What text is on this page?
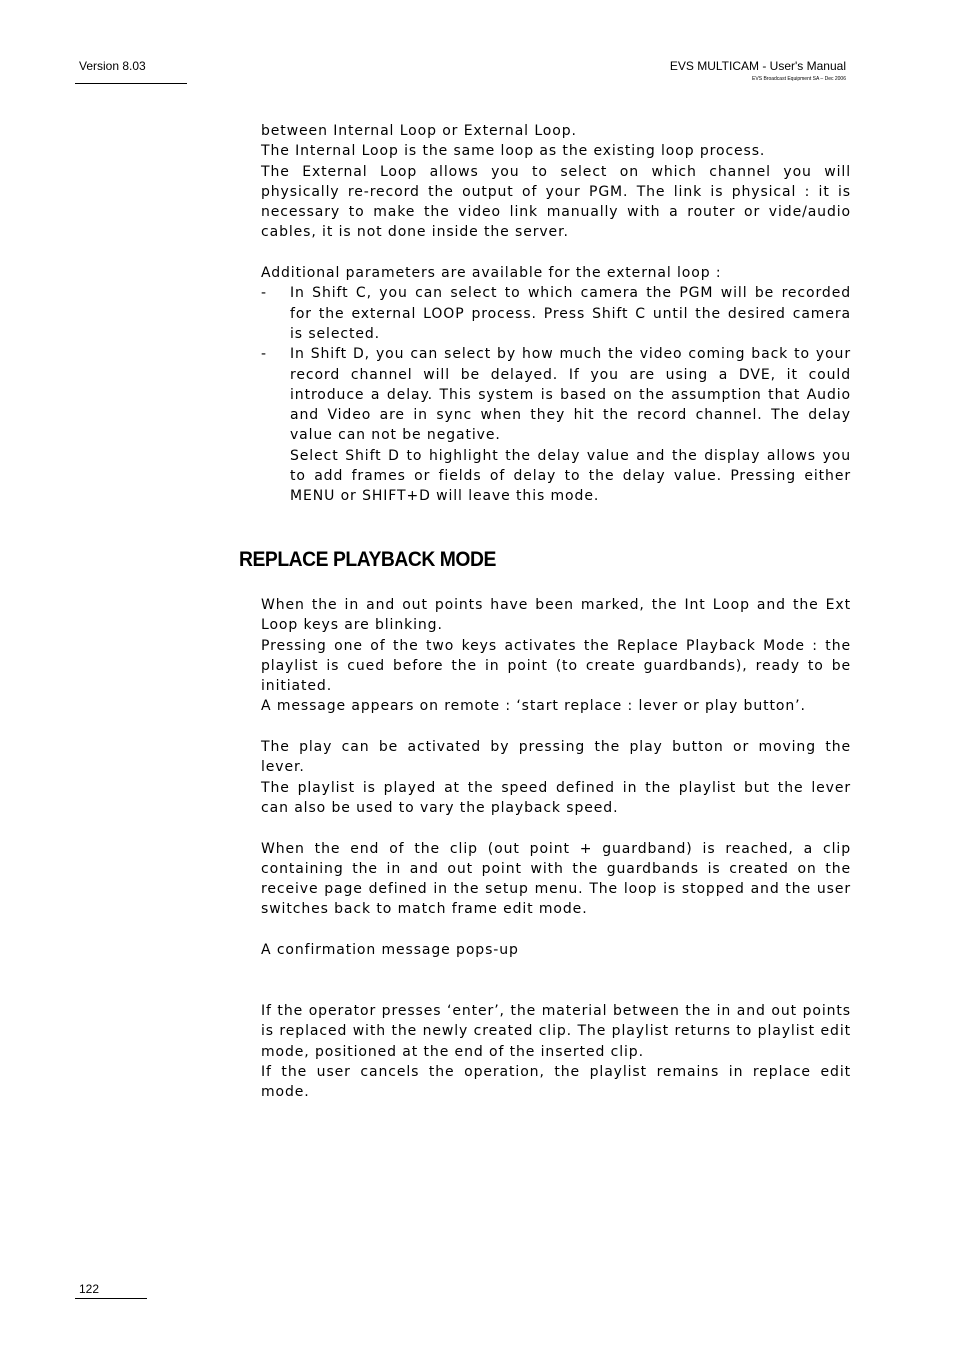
Version 8.03	EVS MULTICAM - User's Manual
EVS Broadcast Equipment SA – Dec 2006

between Internal Loop or External Loop.

The Internal Loop is the same loop as the existing loop process.

The External Loop allows you to select on which channel you will physically re-record the output of your PGM. The link is physical : it is necessary to make the video link manually with a router or vide/audio cables, it is not done inside the server.

Additional parameters are available for the external loop :

- In Shift C, you can select to which camera the PGM will be recorded for the external LOOP process. Press Shift C until the desired camera is selected.

- In Shift D, you can select by how much the video coming back to your record channel will be delayed. If you are using a DVE, it could introduce a delay. This system is based on the assumption that Audio and Video are in sync when they hit the record channel. The delay value can not be negative.

Select Shift D to highlight the delay value and the display allows you to add frames or fields of delay to the delay value. Pressing either MENU or SHIFT+D will leave this mode.

REPLACE PLAYBACK MODE

When the in and out points have been marked, the Int Loop and the Ext Loop keys are blinking.

Pressing one of the two keys activates the Replace Playback Mode : the playlist is cued before the in point (to create guardbands), ready to be initiated.

A message appears on remote : ‘start replace : lever or play button’.

The play can be activated by pressing the play button or moving the lever.

The playlist is played at the speed defined in the playlist but the lever can also be used to vary the playback speed.

When the end of the clip (out point + guardband) is reached, a clip containing the in and out point with the guardbands is created on the receive page defined in the setup menu. The loop is stopped and the user switches back to match frame edit mode.

A confirmation message pops-up

If the operator presses ‘enter’, the material between the in and out points is replaced with the newly created clip. The playlist returns to playlist edit mode, positioned at the end of the inserted clip.

If the user cancels the operation, the playlist remains in replace edit mode.

122
